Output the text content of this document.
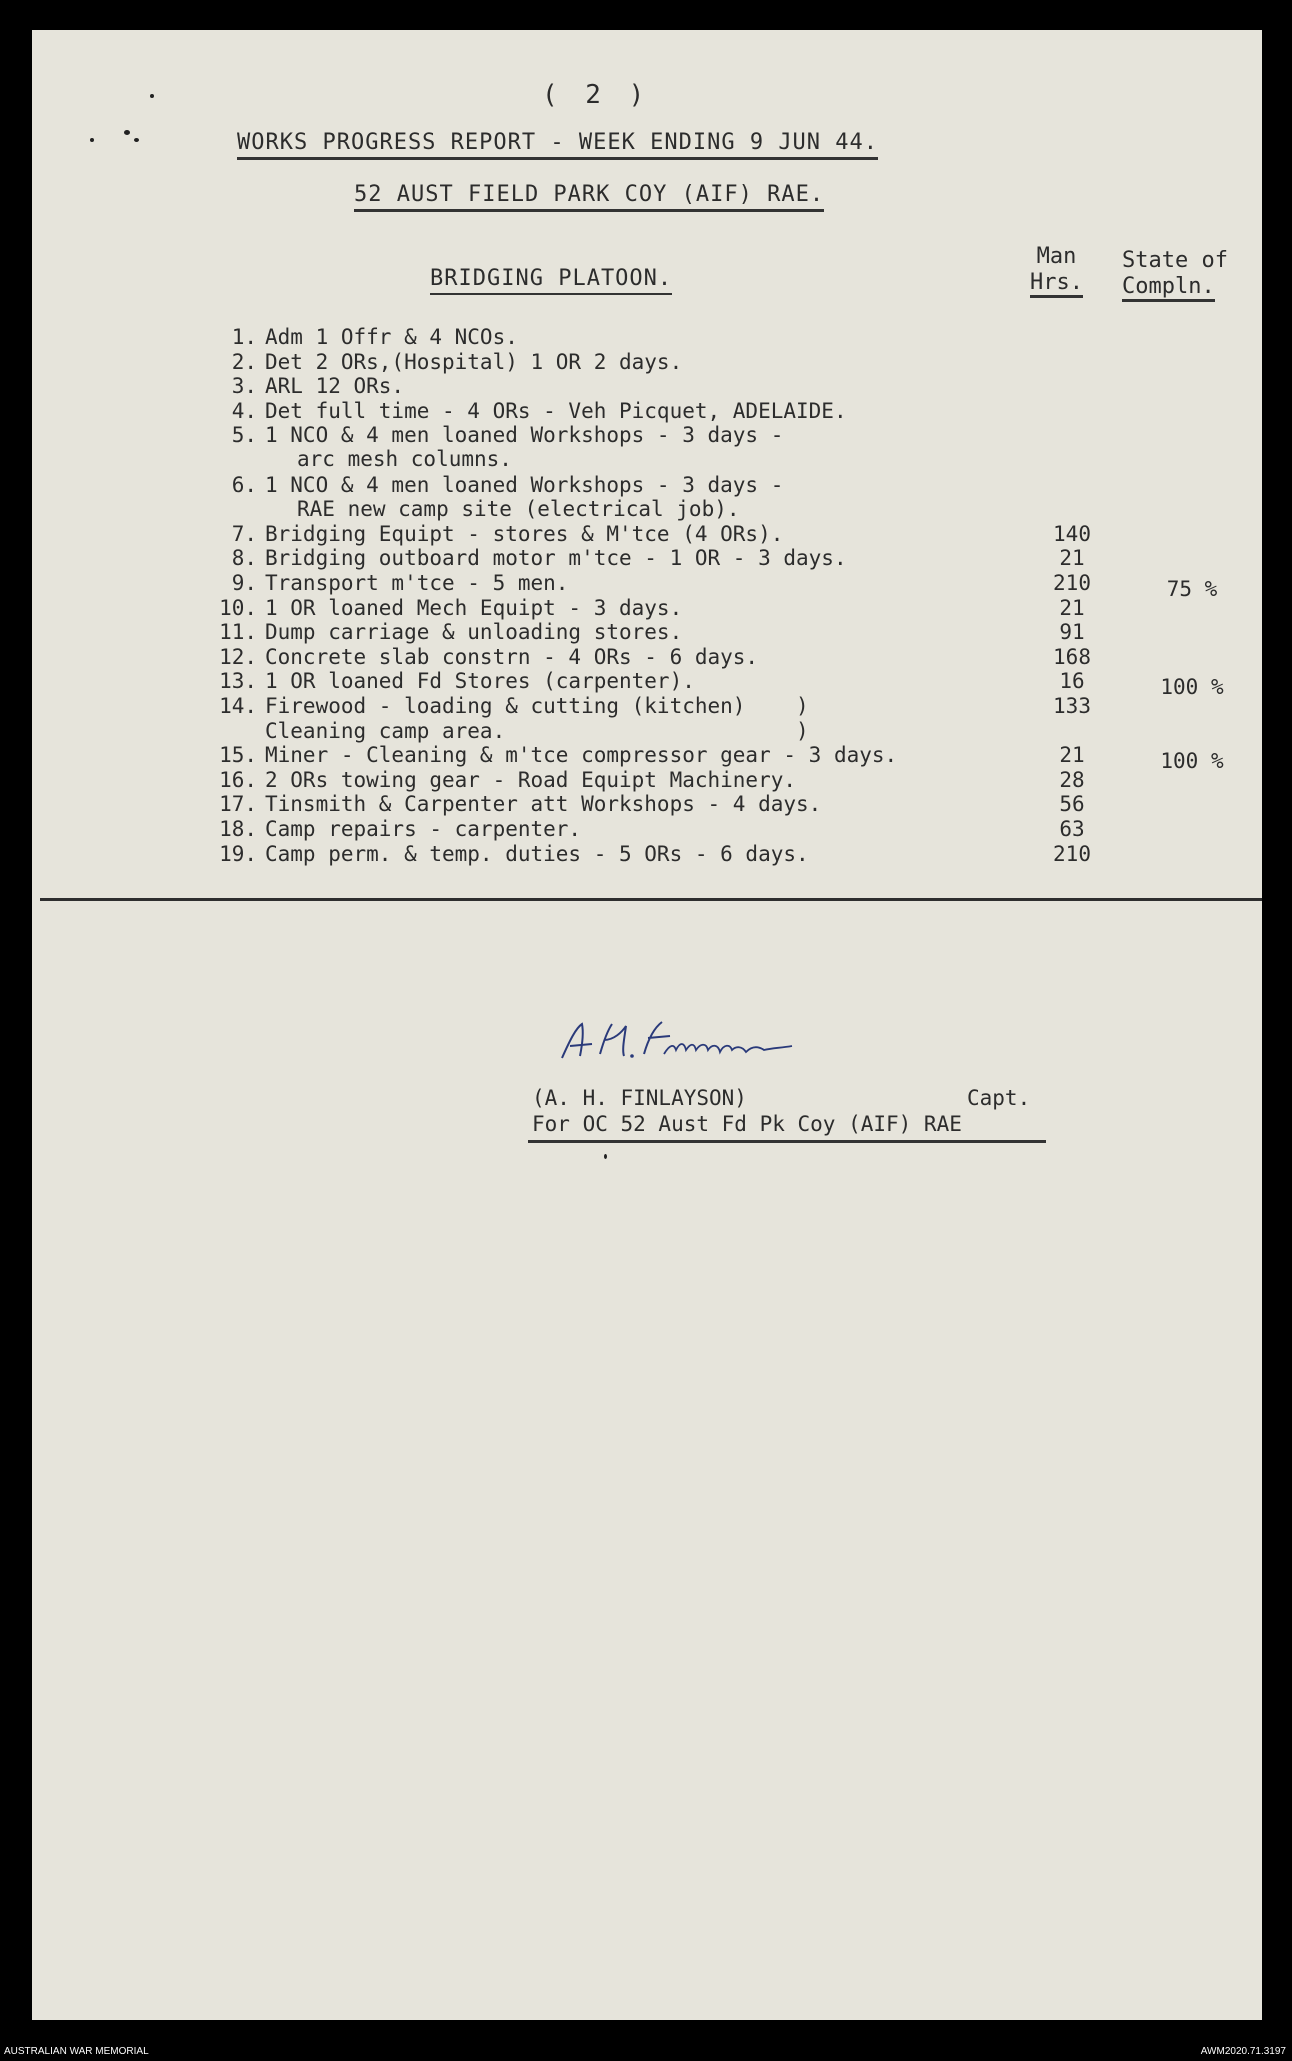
( 2 )
WORKS PROGRESS REPORT - WEEK ENDING 9 JUN 44.
52 AUST FIELD PARK COY (AIF) RAE.
BRIDGING PLATOON.
Man
Hrs.
State of
Compln.
1. Adm 1 Offr & 4 NCOs.
2. Det 2 ORs,(Hospital) 1 OR 2 days.
3. ARL 12 ORs.
4. Det full time - 4 ORs - Veh Picquet, ADELAIDE.
5. 1 NCO & 4 men loaned Workshops - 3 days -
arc mesh columns.
6. 1 NCO & 4 men loaned Workshops - 3 days -
RAE new camp site (electrical job).
7. Bridging Equipt - stores & M'tce (4 ORs).	140
8. Bridging outboard motor m'tce - 1 OR - 3 days.	21
9. Transport m'tce - 5 men.	210	75 %
10. 1 OR loaned Mech Equipt - 3 days.	21
11. Dump carriage & unloading stores.	91
12. Concrete slab constrn - 4 ORs - 6 days.	168
13. 1 OR loaned Fd Stores (carpenter).	16	100 %
14. Firewood - loading & cutting (kitchen)    )	133
Cleaning camp area.                       )
15. Miner - Cleaning & m'tce compressor gear - 3 days.	21	100 %
16. 2 ORs towing gear - Road Equipt Machinery.	28
17. Tinsmith & Carpenter att Workshops - 4 days.	56
18. Camp repairs - carpenter.	63
19. Camp perm. & temp. duties - 5 ORs - 6 days.	210
(A. H. FINLAYSON)	Capt.
For OC 52 Aust Fd Pk Coy (AIF) RAE
AUSTRALIAN WAR MEMORIAL	AWM2020.71.3197
